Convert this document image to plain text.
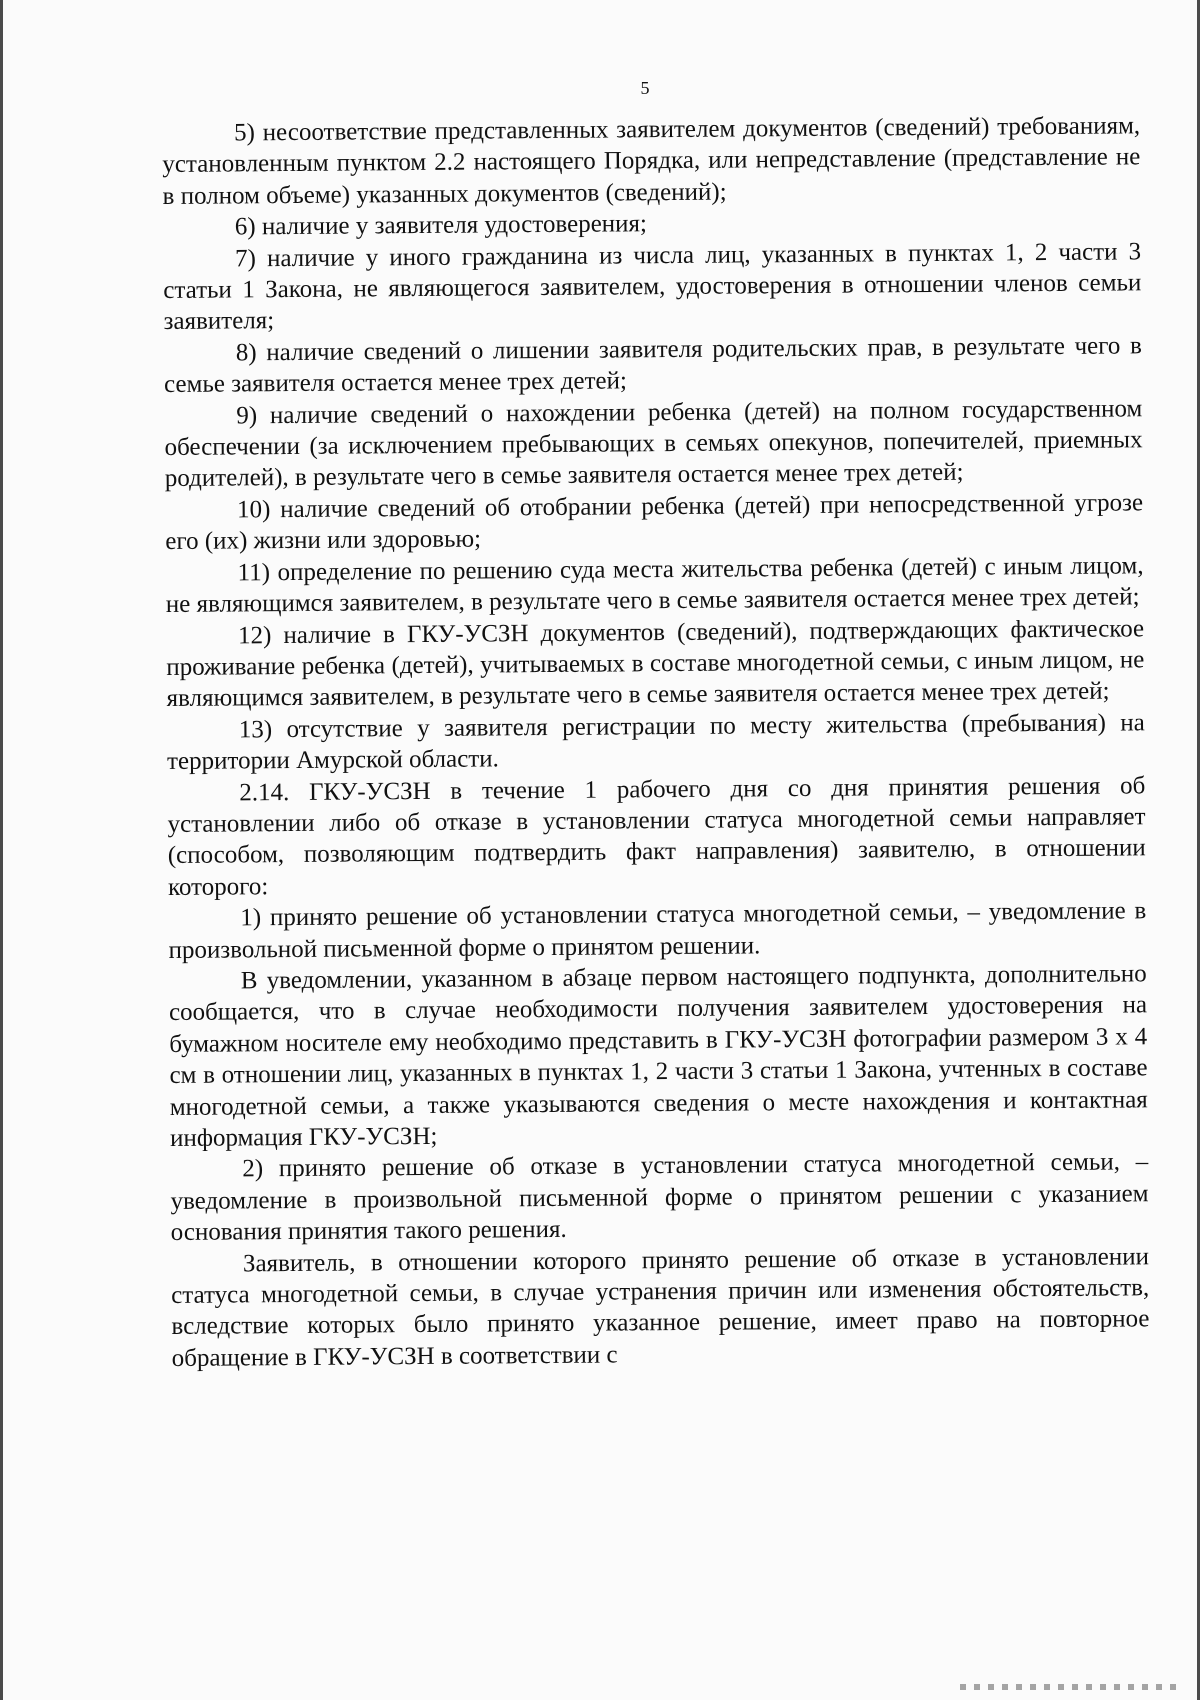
5

5) несоответствие представленных заявителем документов (сведений) требованиям, установленным пунктом 2.2 настоящего Порядка, или непредставление (представление не в полном объеме) указанных документов (сведений);

6) наличие у заявителя удостоверения;

7) наличие у иного гражданина из числа лиц, указанных в пунктах 1, 2 части 3 статьи 1 Закона, не являющегося заявителем, удостоверения в отношении членов семьи заявителя;

8) наличие сведений о лишении заявителя родительских прав, в результате чего в семье заявителя остается менее трех детей;

9) наличие сведений о нахождении ребенка (детей) на полном государственном обеспечении (за исключением пребывающих в семьях опекунов, попечителей, приемных родителей), в результате чего в семье заявителя остается менее трех детей;

10) наличие сведений об отобрании ребенка (детей) при непосредственной угрозе его (их) жизни или здоровью;

11) определение по решению суда места жительства ребенка (детей) с иным лицом, не являющимся заявителем, в результате чего в семье заявителя остается менее трех детей;

12) наличие в ГКУ-УСЗН документов (сведений), подтверждающих фактическое проживание ребенка (детей), учитываемых в составе многодетной семьи, с иным лицом, не являющимся заявителем, в результате чего в семье заявителя остается менее трех детей;

13) отсутствие у заявителя регистрации по месту жительства (пребывания) на территории Амурской области.

2.14. ГКУ-УСЗН в течение 1 рабочего дня со дня принятия решения об установлении либо об отказе в установлении статуса многодетной семьи направляет (способом, позволяющим подтвердить факт направления) заявителю, в отношении которого:

1) принято решение об установлении статуса многодетной семьи, – уведомление в произвольной письменной форме о принятом решении.

В уведомлении, указанном в абзаце первом настоящего подпункта, дополнительно сообщается, что в случае необходимости получения заявителем удостоверения на бумажном носителе ему необходимо представить в ГКУ-УСЗН фотографии размером 3 х 4 см в отношении лиц, указанных в пунктах 1, 2 части 3 статьи 1 Закона, учтенных в составе многодетной семьи, а также указываются сведения о месте нахождения и контактная информация ГКУ-УСЗН;

2) принято решение об отказе в установлении статуса многодетной семьи, – уведомление в произвольной письменной форме о принятом решении с указанием основания принятия такого решения.

Заявитель, в отношении которого принято решение об отказе в установлении статуса многодетной семьи, в случае устранения причин или изменения обстоятельств, вследствие которых было принято указанное решение, имеет право на повторное обращение в ГКУ-УСЗН в соответствии с
